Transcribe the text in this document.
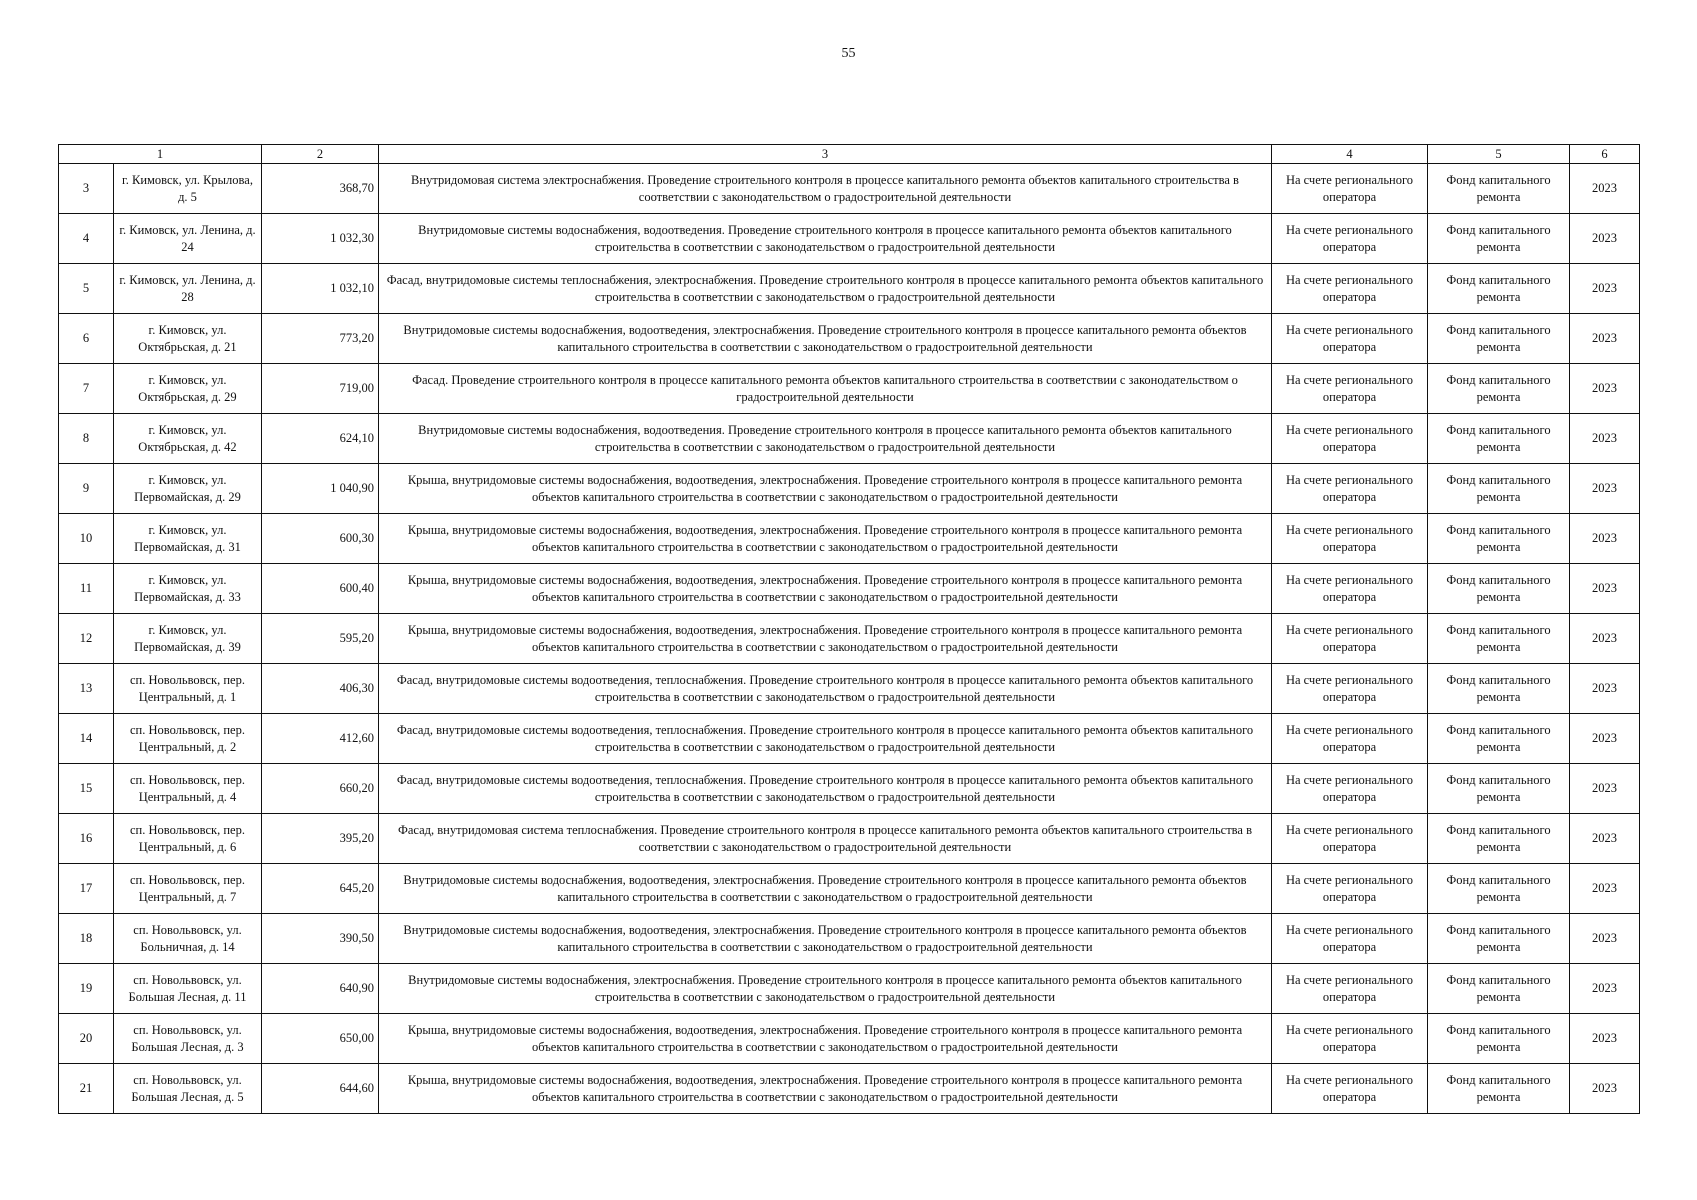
55
1		2	3	4	5	6
3	г. Кимовск, ул. Крылова, д. 5	368,70	Внутридомовая система электроснабжения. Проведение строительного контроля в процессе капитального ремонта объектов капитального строительства в соответствии с законодательством о градостроительной деятельности	На счете регионального оператора	Фонд капитального ремонта	2023
4	г. Кимовск, ул. Ленина, д. 24	1 032,30	Внутридомовые системы водоснабжения, водоотведения. Проведение строительного контроля в процессе капитального ремонта объектов капитального строительства в соответствии с законодательством о градостроительной деятельности	На счете регионального оператора	Фонд капитального ремонта	2023
5	г. Кимовск, ул. Ленина, д. 28	1 032,10	Фасад, внутридомовые системы теплоснабжения, электроснабжения. Проведение строительного контроля в процессе капитального ремонта объектов капитального строительства в соответствии с законодательством о градостроительной деятельности	На счете регионального оператора	Фонд капитального ремонта	2023
6	г. Кимовск, ул. Октябрьская, д. 21	773,20	Внутридомовые системы водоснабжения, водоотведения, электроснабжения. Проведение строительного контроля в процессе капитального ремонта объектов капитального строительства в соответствии с законодательством о градостроительной деятельности	На счете регионального оператора	Фонд капитального ремонта	2023
7	г. Кимовск, ул. Октябрьская, д. 29	719,00	Фасад. Проведение строительного контроля в процессе капитального ремонта объектов капитального строительства в соответствии с законодательством о градостроительной деятельности	На счете регионального оператора	Фонд капитального ремонта	2023
8	г. Кимовск, ул. Октябрьская, д. 42	624,10	Внутридомовые системы водоснабжения, водоотведения. Проведение строительного контроля в процессе капитального ремонта объектов капитального строительства в соответствии с законодательством о градостроительной деятельности	На счете регионального оператора	Фонд капитального ремонта	2023
9	г. Кимовск, ул. Первомайская, д. 29	1 040,90	Крыша, внутридомовые системы водоснабжения, водоотведения, электроснабжения. Проведение строительного контроля в процессе капитального ремонта объектов капитального строительства в соответствии с законодательством о градостроительной деятельности	На счете регионального оператора	Фонд капитального ремонта	2023
10	г. Кимовск, ул. Первомайская, д. 31	600,30	Крыша, внутридомовые системы водоснабжения, водоотведения, электроснабжения. Проведение строительного контроля в процессе капитального ремонта объектов капитального строительства в соответствии с законодательством о градостроительной деятельности	На счете регионального оператора	Фонд капитального ремонта	2023
11	г. Кимовск, ул. Первомайская, д. 33	600,40	Крыша, внутридомовые системы водоснабжения, водоотведения, электроснабжения. Проведение строительного контроля в процессе капитального ремонта объектов капитального строительства в соответствии с законодательством о градостроительной деятельности	На счете регионального оператора	Фонд капитального ремонта	2023
12	г. Кимовск, ул. Первомайская, д. 39	595,20	Крыша, внутридомовые системы водоснабжения, водоотведения, электроснабжения. Проведение строительного контроля в процессе капитального ремонта объектов капитального строительства в соответствии с законодательством о градостроительной деятельности	На счете регионального оператора	Фонд капитального ремонта	2023
13	сп. Новольвовск, пер. Центральный, д. 1	406,30	Фасад, внутридомовые системы водоотведения, теплоснабжения. Проведение строительного контроля в процессе капитального ремонта объектов капитального строительства в соответствии с законодательством о градостроительной деятельности	На счете регионального оператора	Фонд капитального ремонта	2023
14	сп. Новольвовск, пер. Центральный, д. 2	412,60	Фасад, внутридомовые системы водоотведения, теплоснабжения. Проведение строительного контроля в процессе капитального ремонта объектов капитального строительства в соответствии с законодательством о градостроительной деятельности	На счете регионального оператора	Фонд капитального ремонта	2023
15	сп. Новольвовск, пер. Центральный, д. 4	660,20	Фасад, внутридомовые системы водоотведения, теплоснабжения. Проведение строительного контроля в процессе капитального ремонта объектов капитального строительства в соответствии с законодательством о градостроительной деятельности	На счете регионального оператора	Фонд капитального ремонта	2023
16	сп. Новольвовск, пер. Центральный, д. 6	395,20	Фасад, внутридомовая система теплоснабжения. Проведение строительного контроля в процессе капитального ремонта объектов капитального строительства в соответствии с законодательством о градостроительной деятельности	На счете регионального оператора	Фонд капитального ремонта	2023
17	сп. Новольвовск, пер. Центральный, д. 7	645,20	Внутридомовые системы водоснабжения, водоотведения, электроснабжения. Проведение строительного контроля в процессе капитального ремонта объектов капитального строительства в соответствии с законодательством о градостроительной деятельности	На счете регионального оператора	Фонд капитального ремонта	2023
18	сп. Новольвовск, ул. Больничная, д. 14	390,50	Внутридомовые системы водоснабжения, водоотведения, электроснабжения. Проведение строительного контроля в процессе капитального ремонта объектов капитального строительства в соответствии с законодательством о градостроительной деятельности	На счете регионального оператора	Фонд капитального ремонта	2023
19	сп. Новольвовск, ул. Большая Лесная, д. 11	640,90	Внутридомовые системы водоснабжения, электроснабжения. Проведение строительного контроля в процессе капитального ремонта объектов капитального строительства в соответствии с законодательством о градостроительной деятельности	На счете регионального оператора	Фонд капитального ремонта	2023
20	сп. Новольвовск, ул. Большая Лесная, д. 3	650,00	Крыша, внутридомовые системы водоснабжения, водоотведения, электроснабжения. Проведение строительного контроля в процессе капитального ремонта объектов капитального строительства в соответствии с законодательством о градостроительной деятельности	На счете регионального оператора	Фонд капитального ремонта	2023
21	сп. Новольвовск, ул. Большая Лесная, д. 5	644,60	Крыша, внутридомовые системы водоснабжения, водоотведения, электроснабжения. Проведение строительного контроля в процессе капитального ремонта объектов капитального строительства в соответствии с законодательством о градостроительной деятельности	На счете регионального оператора	Фонд капитального ремонта	2023
